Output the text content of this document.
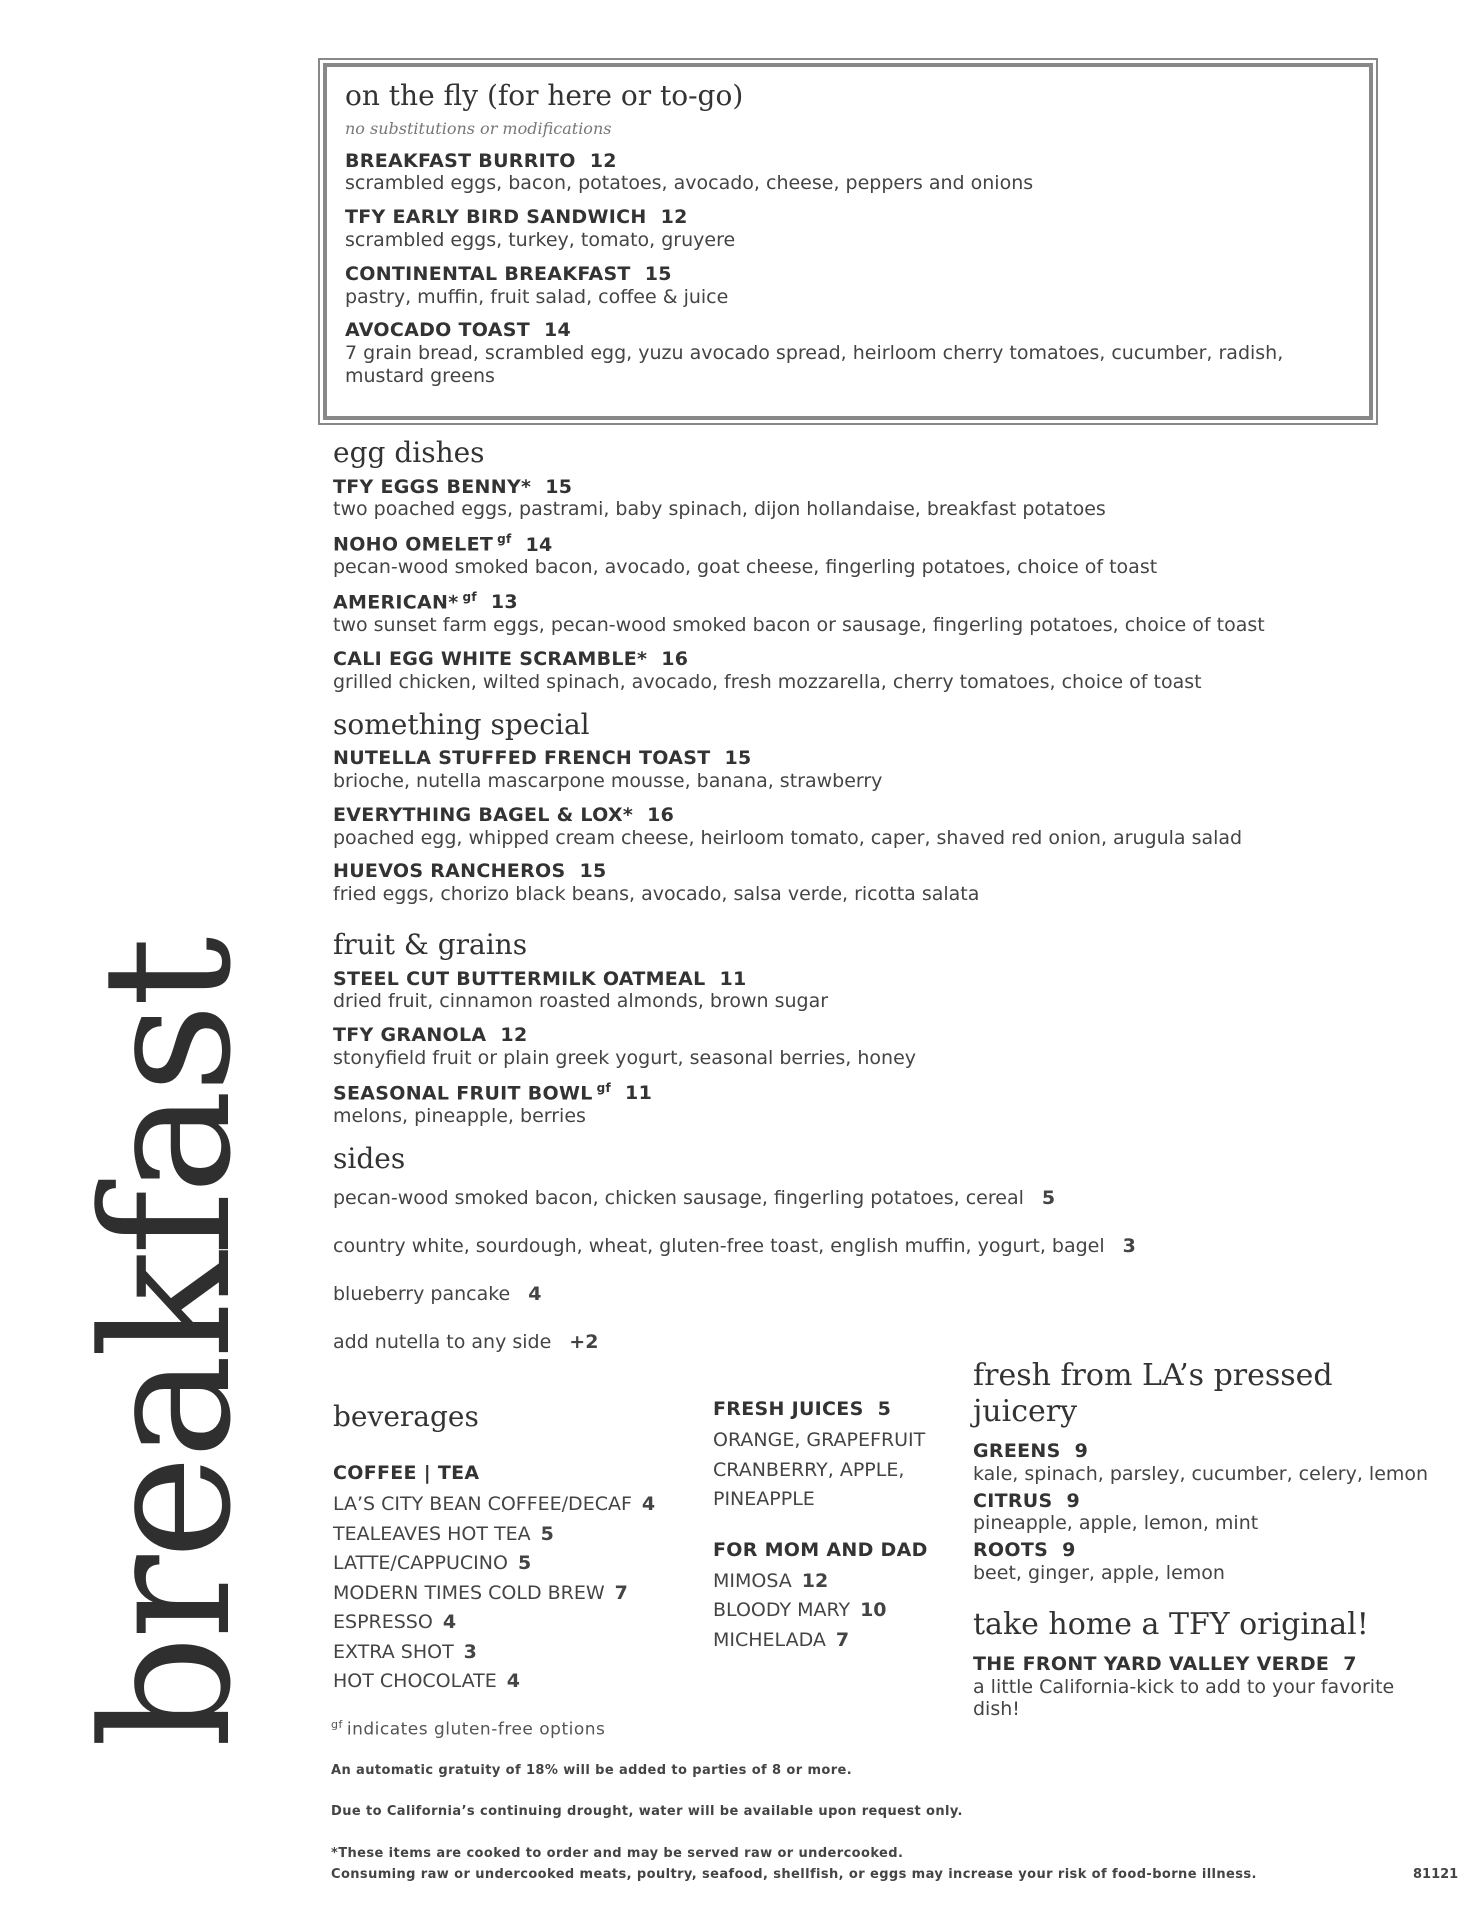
breakfast
on the fly (for here or to-go)
no substitutions or modifications
BREAKFAST BURRITO 12
scrambled eggs, bacon, potatoes, avocado, cheese, peppers and onions
TFY EARLY BIRD SANDWICH 12
scrambled eggs, turkey, tomato, gruyere
CONTINENTAL BREAKFAST 15
pastry, muffin, fruit salad, coffee & juice
AVOCADO TOAST 14
7 grain bread, scrambled egg, yuzu avocado spread, heirloom cherry tomatoes, cucumber, radish, mustard greens
egg dishes
TFY EGGS BENNY* 15
two poached eggs, pastrami, baby spinach, dijon hollandaise, breakfast potatoes
NOHO OMELET $^{gf}$ 14
pecan-wood smoked bacon, avocado, goat cheese, fingerling potatoes, choice of toast
AMERICAN* $^{gf}$ 13
two sunset farm eggs, pecan-wood smoked bacon or sausage, fingerling potatoes, choice of toast
CALI EGG WHITE SCRAMBLE* 16
grilled chicken, wilted spinach, avocado, fresh mozzarella, cherry tomatoes, choice of toast
something special
NUTELLA STUFFED FRENCH TOAST 15
brioche, nutella mascarpone mousse, banana, strawberry
EVERYTHING BAGEL & LOX* 16
poached egg, whipped cream cheese, heirloom tomato, caper, shaved red onion, arugula salad
HUEVOS RANCHEROS 15
fried eggs, chorizo black beans, avocado, salsa verde, ricotta salata
fruit & grains
STEEL CUT BUTTERMILK OATMEAL 11
dried fruit, cinnamon roasted almonds, brown sugar
TFY GRANOLA 12
stonyfield fruit or plain greek yogurt, seasonal berries, honey
SEASONAL FRUIT BOWL $^{gf}$ 11
melons, pineapple, berries
sides
pecan-wood smoked bacon, chicken sausage, fingerling potatoes, cereal 5
country white, sourdough, wheat, gluten-free toast, english muffin, yogurt, bagel 3
blueberry pancake 4
add nutella to any side +2
beverages
COFFEE | TEA
LA’S CITY BEAN COFFEE/DECAF 4
TEALEAVES HOT TEA 5
LATTE/CAPPUCINO 5
MODERN TIMES COLD BREW 7
ESPRESSO 4
EXTRA SHOT 3
HOT CHOCOLATE 4
FRESH JUICES 5
ORANGE, GRAPEFRUIT
CRANBERRY, APPLE,
PINEAPPLE
FOR MOM AND DAD
MIMOSA 12
BLOODY MARY 10
MICHELADA 7
fresh from LA’s pressed juicery
GREENS 9
kale, spinach, parsley, cucumber, celery, lemon
CITRUS 9
pineapple, apple, lemon, mint
ROOTS 9
beet, ginger, apple, lemon
take home a TFY original!
THE FRONT YARD VALLEY VERDE 7
a little California-kick to add to your favorite dish!
$^{gf}$ indicates gluten-free options
An automatic gratuity of 18% will be added to parties of 8 or more.
Due to California’s continuing drought, water will be available upon request only.
*These items are cooked to order and may be served raw or undercooked.
Consuming raw or undercooked meats, poultry, seafood, shellfish, or eggs may increase your risk of food-borne illness.	81121
